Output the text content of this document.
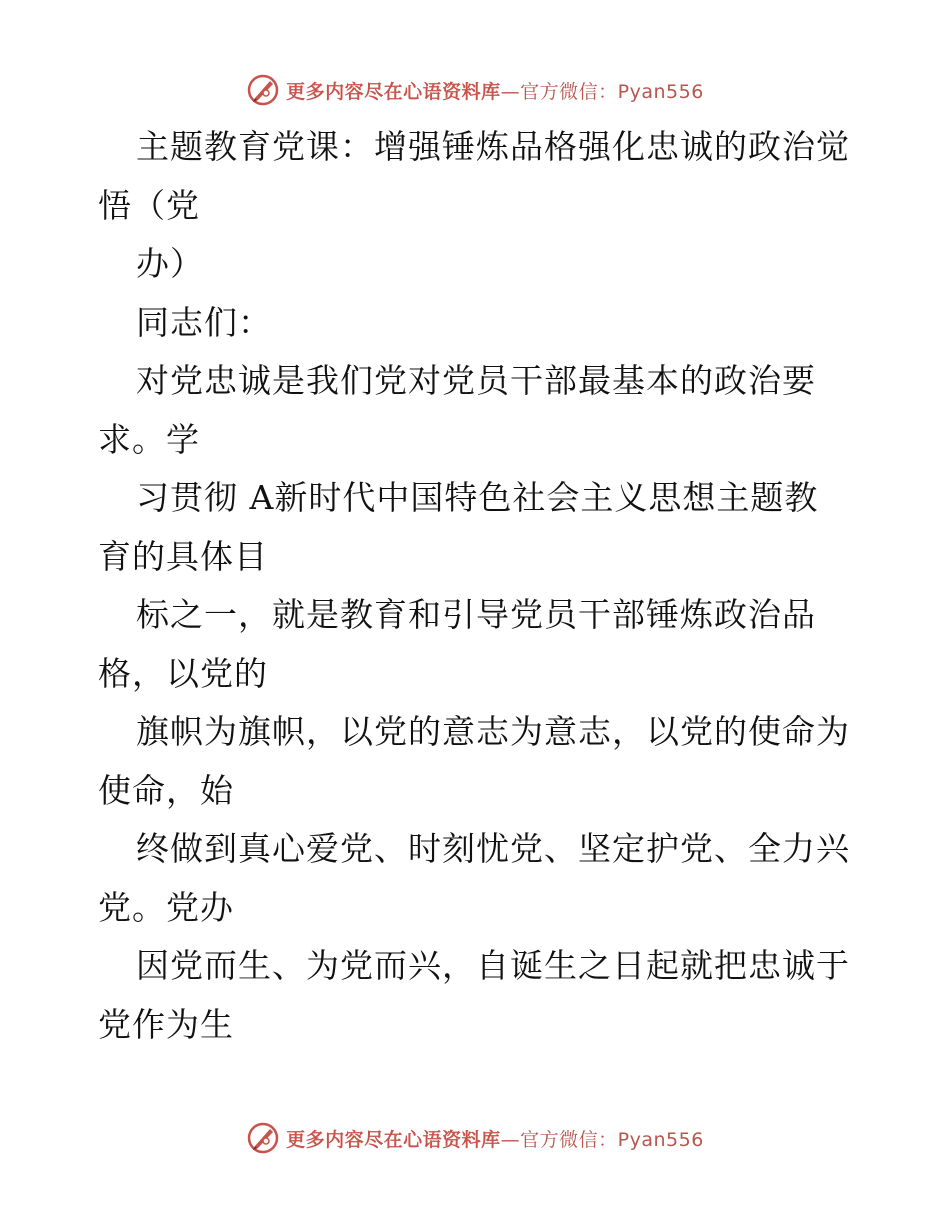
更多内容尽在心语资料库—官方微信：Pyan556
主题教育党课：增强锤炼品格强化忠诚的政治觉
悟（党
办）
同志们：
对党忠诚是我们党对党员干部最基本的政治要
求。学
习贯彻 A新时代中国特色社会主义思想主题教
育的具体目
标之一，就是教育和引导党员干部锤炼政治品
格，以党的
旗帜为旗帜，以党的意志为意志，以党的使命为
使命，始
终做到真心爱党、时刻忧党、坚定护党、全力兴
党。党办
因党而生、为党而兴，自诞生之日起就把忠诚于
党作为生
更多内容尽在心语资料库—官方微信：Pyan556
